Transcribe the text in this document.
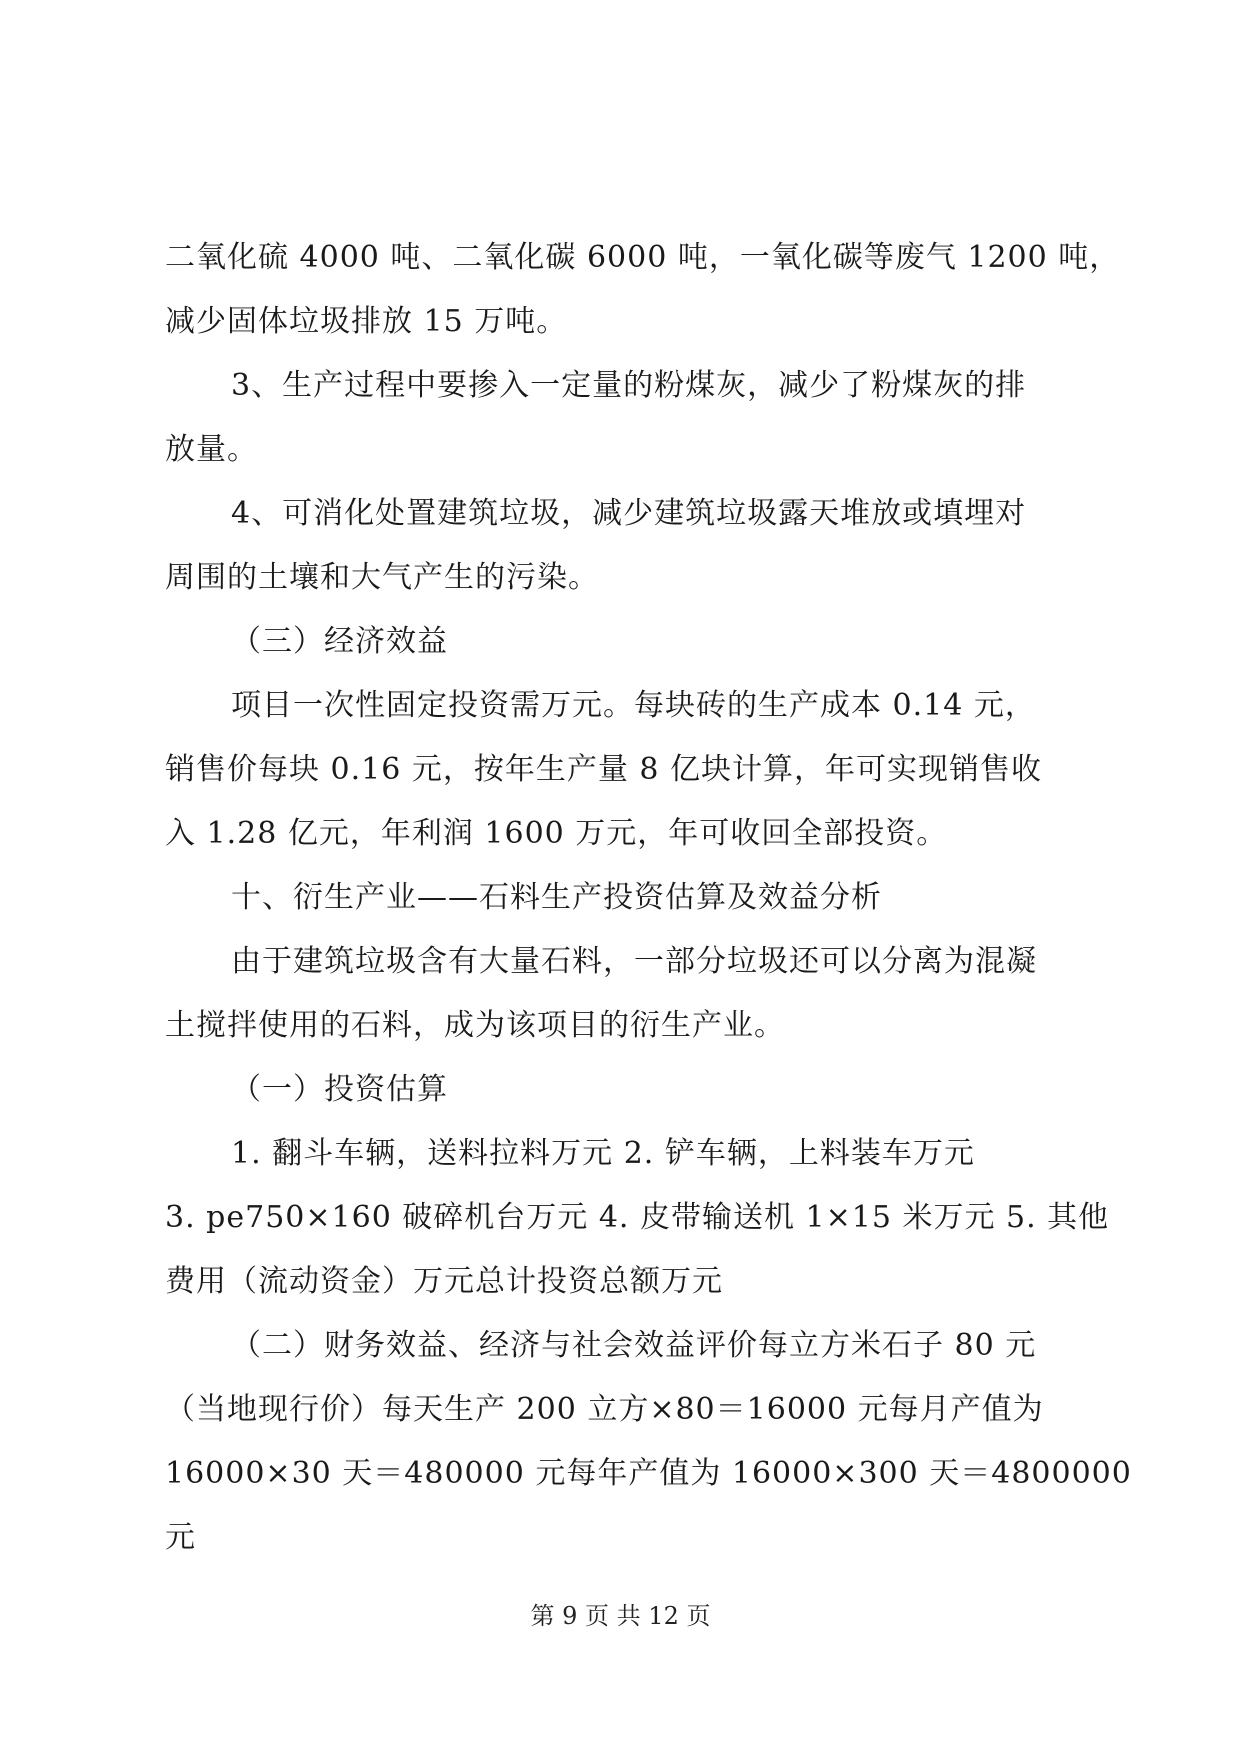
二氧化硫 4000 吨、二氧化碳 6000 吨，一氧化碳等废气 1200 吨，
减少固体垃圾排放 15 万吨。
3、生产过程中要掺入一定量的粉煤灰，减少了粉煤灰的排
放量。
4、可消化处置建筑垃圾，减少建筑垃圾露天堆放或填埋对
周围的土壤和大气产生的污染。
（三）经济效益
项目一次性固定投资需万元。每块砖的生产成本 0.14 元，
销售价每块 0.16 元，按年生产量 8 亿块计算，年可实现销售收
入 1.28 亿元，年利润 1600 万元，年可收回全部投资。
十、衍生产业——石料生产投资估算及效益分析
由于建筑垃圾含有大量石料，一部分垃圾还可以分离为混凝
土搅拌使用的石料，成为该项目的衍生产业。
（一）投资估算
1. 翻斗车辆，送料拉料万元 2. 铲车辆，上料装车万元
3. pe750×160 破碎机台万元 4. 皮带输送机 1×15 米万元 5. 其他
费用（流动资金）万元总计投资总额万元
（二）财务效益、经济与社会效益评价每立方米石子 80 元
（当地现行价）每天生产 200 立方×80＝16000 元每月产值为
16000×30 天＝480000 元每年产值为 16000×300 天＝4800000
元
第 9 页 共 12 页
